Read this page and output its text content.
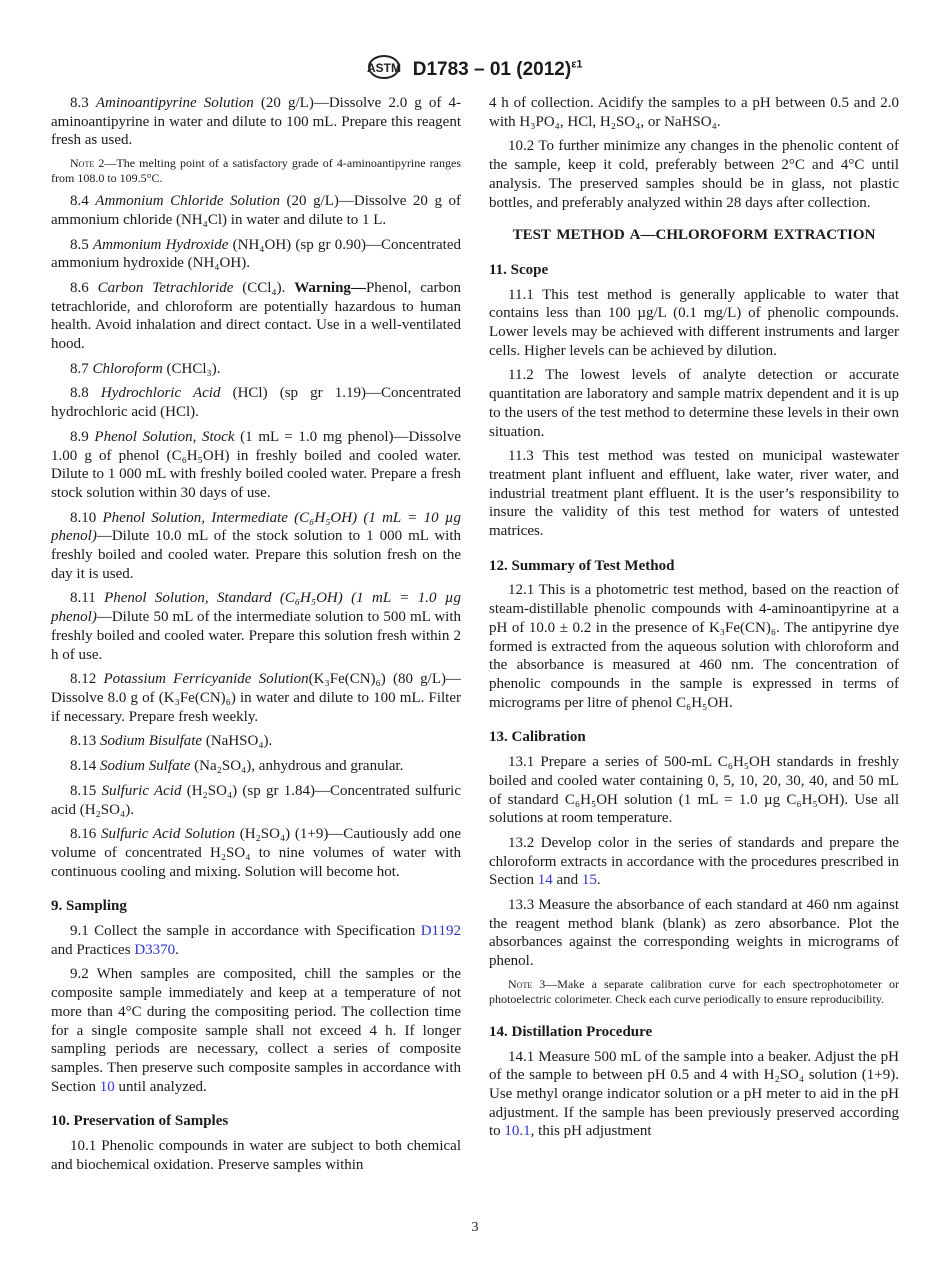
ASTM D1783 – 01 $(2012)^{\varepsilon 1}$
8.3 Aminoantipyrine Solution (20 g/L)—Dissolve 2.0 g of 4-aminoantipyrine in water and dilute to 100 mL. Prepare this reagent fresh as used.
Note 2—The melting point of a satisfactory grade of 4-aminoantipyrine ranges from 108.0 to 109.5°C.
8.4 Ammonium Chloride Solution (20 g/L)—Dissolve 20 g of ammonium chloride (NH₄Cl) in water and dilute to 1 L.
8.5 Ammonium Hydroxide (NH₄OH) (sp gr 0.90)—Concentrated ammonium hydroxide (NH₄OH).
8.6 Carbon Tetrachloride (CCl₄). Warning—Phenol, carbon tetrachloride, and chloroform are potentially hazardous to human health. Avoid inhalation and direct contact. Use in a well-ventilated hood.
8.7 Chloroform (CHCl₃).
8.8 Hydrochloric Acid (HCl) (sp gr 1.19)—Concentrated hydrochloric acid (HCl).
8.9 Phenol Solution, Stock (1 mL = 1.0 mg phenol)—Dissolve 1.00 g of phenol (C₆H₅OH) in freshly boiled and cooled water. Dilute to 1 000 mL with freshly boiled cooled water. Prepare a fresh stock solution within 30 days of use.
8.10 Phenol Solution, Intermediate (C₆H₅OH) (1 mL = 10 µg phenol)—Dilute 10.0 mL of the stock solution to 1 000 mL with freshly boiled and cooled water. Prepare this solution fresh on the day it is used.
8.11 Phenol Solution, Standard (C₆H₅OH) (1 mL = 1.0 µg phenol)—Dilute 50 mL of the intermediate solution to 500 mL with freshly boiled and cooled water. Prepare this solution fresh within 2 h of use.
8.12 Potassium Ferricyanide Solution(K₃Fe(CN)₆) (80 g/L)—Dissolve 8.0 g of (K₃Fe(CN)₆) in water and dilute to 100 mL. Filter if necessary. Prepare fresh weekly.
8.13 Sodium Bisulfate (NaHSO₄).
8.14 Sodium Sulfate (Na₂SO₄), anhydrous and granular.
8.15 Sulfuric Acid (H₂SO₄) (sp gr 1.84)—Concentrated sulfuric acid (H₂SO₄).
8.16 Sulfuric Acid Solution (H₂SO₄) (1+9)—Cautiously add one volume of concentrated H₂SO₄ to nine volumes of water with continuous cooling and mixing. Solution will become hot.
9. Sampling
9.1 Collect the sample in accordance with Specification D1192 and Practices D3370.
9.2 When samples are composited, chill the samples or the composite sample immediately and keep at a temperature of not more than 4°C during the compositing period. The collection time for a single composite sample shall not exceed 4 h. If longer sampling periods are necessary, collect a series of composite samples. Then preserve such composite samples in accordance with Section 10 until analyzed.
10. Preservation of Samples
10.1 Phenolic compounds in water are subject to both chemical and biochemical oxidation. Preserve samples within
4 h of collection. Acidify the samples to a pH between 0.5 and 2.0 with H₃PO₄, HCl, H₂SO₄, or NaHSO₄.
10.2 To further minimize any changes in the phenolic content of the sample, keep it cold, preferably between 2°C and 4°C until analysis. The preserved samples should be in glass, not plastic bottles, and preferably analyzed within 28 days after collection.
TEST METHOD A—CHLOROFORM EXTRACTION
11. Scope
11.1 This test method is generally applicable to water that contains less than 100 µg/L (0.1 mg/L) of phenolic compounds. Lower levels may be achieved with different instruments and larger cells. Higher levels can be achieved by dilution.
11.2 The lowest levels of analyte detection or accurate quantitation are laboratory and sample matrix dependent and it is up to the users of the test method to determine these levels in their own situation.
11.3 This test method was tested on municipal wastewater treatment plant influent and effluent, lake water, river water, and industrial treatment plant effluent. It is the user’s responsibility to insure the validity of this test method for waters of untested matrices.
12. Summary of Test Method
12.1 This is a photometric test method, based on the reaction of steam-distillable phenolic compounds with 4-aminoantipyrine at a pH of 10.0 ± 0.2 in the presence of K₃Fe(CN)₆. The antipyrine dye formed is extracted from the aqueous solution with chloroform and the absorbance is measured at 460 nm. The concentration of phenolic compounds in the sample is expressed in terms of micrograms per litre of phenol C₆H₅OH.
13. Calibration
13.1 Prepare a series of 500-mL C₆H₅OH standards in freshly boiled and cooled water containing 0, 5, 10, 20, 30, 40, and 50 mL of standard C₆H₅OH solution (1 mL = 1.0 µg C₆H₅OH). Use all solutions at room temperature.
13.2 Develop color in the series of standards and prepare the chloroform extracts in accordance with the procedures prescribed in Section 14 and 15.
13.3 Measure the absorbance of each standard at 460 nm against the reagent method blank (blank) as zero absorbance. Plot the absorbances against the corresponding weights in micrograms of phenol.
Note 3—Make a separate calibration curve for each spectrophotometer or photoelectric colorimeter. Check each curve periodically to ensure reproducibility.
14. Distillation Procedure
14.1 Measure 500 mL of the sample into a beaker. Adjust the pH of the sample to between pH 0.5 and 4 with H₂SO₄ solution (1+9). Use methyl orange indicator solution or a pH meter to aid in the pH adjustment. If the sample has been previously preserved according to 10.1, this pH adjustment
3
